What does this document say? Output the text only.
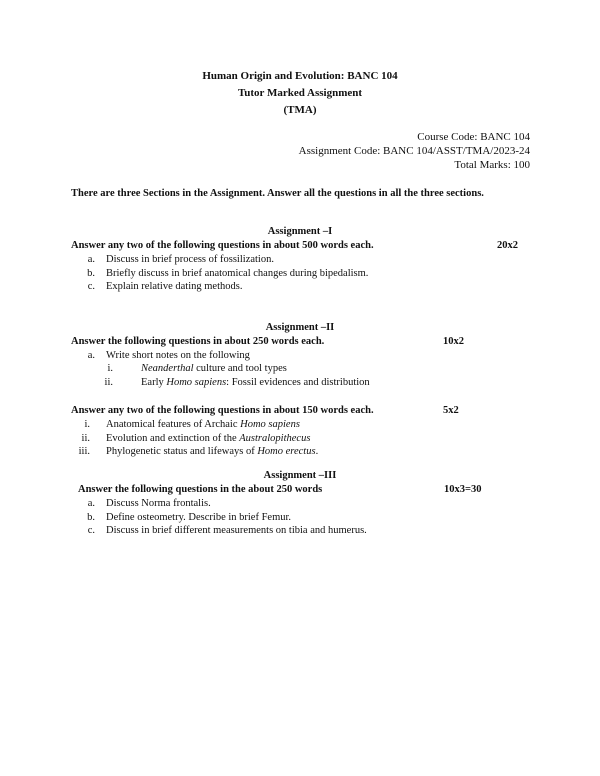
Human Origin and Evolution: BANC 104
Tutor Marked Assignment
(TMA)
Course Code: BANC 104
Assignment Code: BANC 104/ASST/TMA/2023-24
Total Marks: 100
There are three Sections in the Assignment. Answer all the questions in all the three sections.
Assignment –I
Answer any two of the following questions in about 500 words each.	20x2
a. Discuss in brief process of fossilization.
b. Briefly discuss in brief anatomical changes during bipedalism.
c. Explain relative dating methods.
Assignment –II
Answer the following questions in about 250 words each.	10x2
a. Write short notes on the following
i.	Neanderthal culture and tool types
ii.	Early Homo sapiens: Fossil evidences and distribution
Answer any two of the following questions in about 150 words each.	5x2
i. Anatomical features of Archaic Homo sapiens
ii. Evolution and extinction of the Australopithecus
iii. Phylogenetic status and lifeways of Homo erectus.
Assignment –III
Answer the following questions in the about 250 words	10x3=30
a. Discuss Norma frontalis.
b. Define osteometry. Describe in brief Femur.
c. Discuss in brief different measurements on tibia and humerus.
